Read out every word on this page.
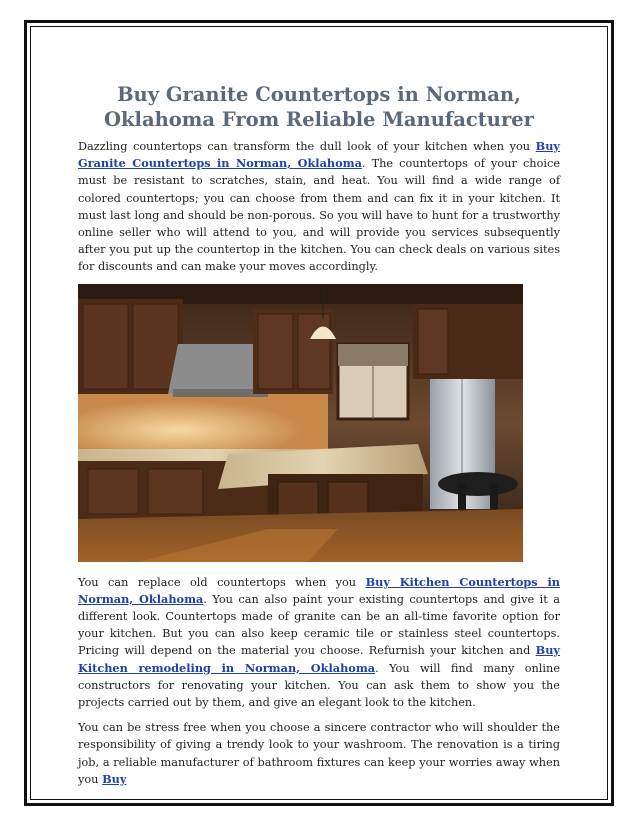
Buy Granite Countertops in Norman,
Oklahoma From Reliable Manufacturer

Dazzling countertops can transform the dull look of your kitchen when you Buy Granite Countertops in Norman, Oklahoma. The countertops of your choice must be resistant to scratches, stain, and heat. You will find a wide range of colored countertops; you can choose from them and can fix it in your kitchen. It must last long and should be non-porous. So you will have to hunt for a trustworthy online seller who will attend to you, and will provide you services subsequently after you put up the countertop in the kitchen. You can check deals on various sites for discounts and can make your moves accordingly.

You can replace old countertops when you Buy Kitchen Countertops in Norman, Oklahoma. You can also paint your existing countertops and give it a different look. Countertops made of granite can be an all-time favorite option for your kitchen. But you can also keep ceramic tile or stainless steel countertops. Pricing will depend on the material you choose. Refurnish your kitchen and Buy Kitchen remodeling in Norman, Oklahoma. You will find many online constructors for renovating your kitchen. You can ask them to show you the projects carried out by them, and give an elegant look to the kitchen.

You can be stress free when you choose a sincere contractor who will shoulder the responsibility of giving a trendy look to your washroom. The renovation is a tiring job, a reliable manufacturer of bathroom fixtures can keep your worries away when you Buy
